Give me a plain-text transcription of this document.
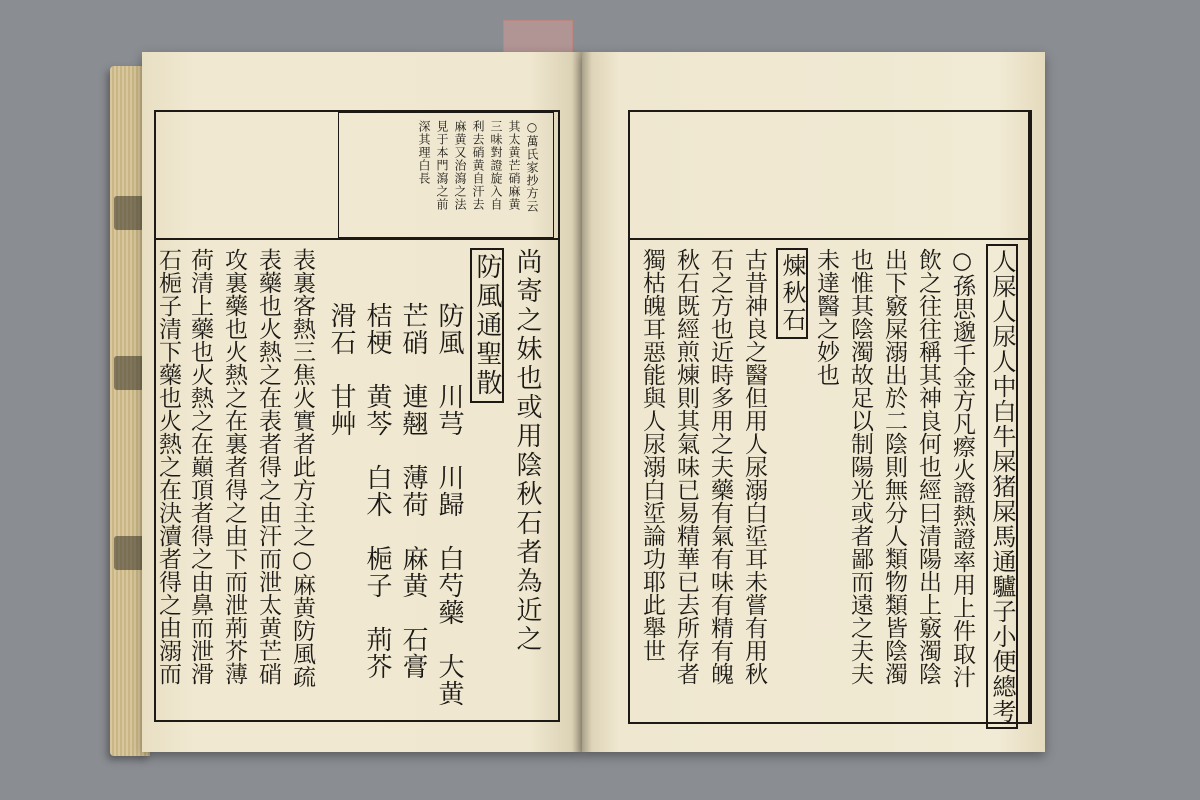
○萬氏家抄方云
其太黄芒硝麻黄
三味對證旋入自
利去硝黄自汗去
麻黄又治瀉之法
見于本門瀉之前
深其理白長
尚寄之妹也或用陰秋石者為近之
防風通聖散
防風　川芎　川歸　白芍藥　大黄
芒硝　連翹　薄荷　麻黄　石膏
桔梗　黄芩　白术　梔子　荊芥
滑石　甘艸
表裏客熱三焦火實者此方主之○麻黄防風疏
表藥也火熱之在表者得之由汗而泄太黄芒硝
攻裏藥也火熱之在裏者得之由下而泄荊芥薄
荷清上藥也火熱之在巔頂者得之由鼻而泄滑
石梔子清下藥也火熱之在決瀆者得之由溺而	人屎人尿人中白牛屎猪屎馬通驢子小便總考
○孫思邈千金方凡瘵火證熱證率用上件取汁
飲之往往稱其神良何也經曰清陽出上竅濁陰
出下竅屎溺出於二陰則無分人類物類皆陰濁
也惟其陰濁故足以制陽光或者鄙而遠之夫夫
未達醫之妙也
煉秋石
古昔神良之醫但用人尿溺白垽耳未嘗有用秋
石之方也近時多用之夫藥有氣有味有精有魄
秋石既經煎煉則其氣味已易精華已去所存者
獨枯魄耳惡能與人尿溺白垽論功耶此舉世
